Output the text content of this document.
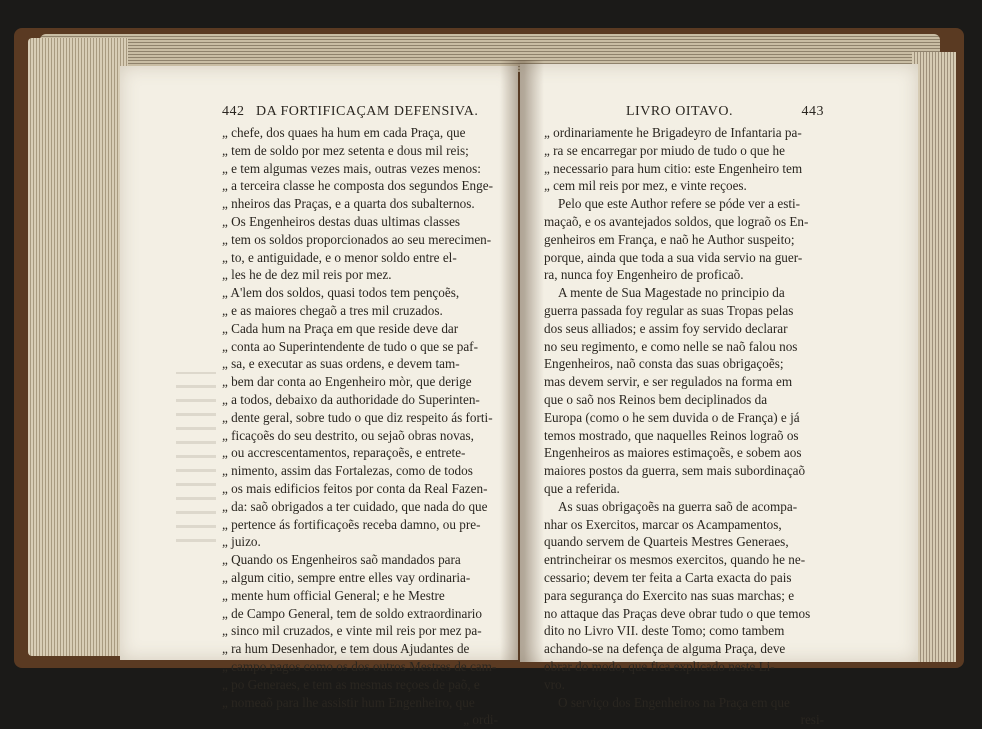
442 DA FORTIFICAÇAM DEFENSIVA.
„ chefe, dos quaes ha hum em cada Praça, que
„ tem de soldo por mez setenta e dous mil reis;
„ e tem algumas vezes mais, outras vezes menos:
„ a terceira classe he composta dos segundos Enge-
„ nheiros das Praças, e a quarta dos subalternos.
„ Os Engenheiros destas duas ultimas classes
„ tem os soldos proporcionados ao seu merecimen-
„ to, e antiguidade, e o menor soldo entre el-
„ les he de dez mil reis por mez.
„ A'lem dos soldos, quasi todos tem pençoẽs,
„ e as maiores chegaõ a tres mil cruzados.
„ Cada hum na Praça em que reside deve dar
„ conta ao Superintendente de tudo o que se paf-
„ sa, e executar as suas ordens, e devem tam-
„ bem dar conta ao Engenheiro mòr, que derige
„ a todos, debaixo da authoridade do Superinten-
„ dente geral, sobre tudo o que diz respeito ás forti-
„ ficaçoẽs do seu destrito, ou sejaõ obras novas,
„ ou accrescentamentos, reparaçoẽs, e entrete-
„ nimento, assim das Fortalezas, como de todos
„ os mais edificios feitos por conta da Real Fazen-
„ da: saõ obrigados a ter cuidado, que nada do que
„ pertence ás fortificaçoẽs receba damno, ou pre-
„ juizo.
„ Quando os Engenheiros saõ mandados para
„ algum citio, sempre entre elles vay ordinaria-
„ mente hum official General; e he Mestre
„ de Campo General, tem de soldo extraordinario
„ sinco mil cruzados, e vinte mil reis por mez pa-
„ ra hum Desenhador, e tem dous Ajudantes de
„ campo pagos como os dos outros Mestres de cam-
„ po Generaes, e tem as mesmas reçoes de paõ, e
„ nomeaõ para lhe assistir hum Engenheiro, que
„ ordi-
LIVRO OITAVO.	443
„ ordinariamente he Brigadeyro de Infantaria pa-
„ ra se encarregar por miudo de tudo o que he
„ necessario para hum citio: este Engenheiro tem
„ cem mil reis por mez, e vinte reçoes.
Pelo que este Author refere se póde ver a esti-
maçaõ, e os avantejados soldos, que lograõ os En-
genheiros em França, e naõ he Author suspeito;
porque, ainda que toda a sua vida servio na guer-
ra, nunca foy Engenheiro de proficaõ.
A mente de Sua Magestade no principio da
guerra passada foy regular as suas Tropas pelas
dos seus alliados; e assim foy servido declarar
no seu regimento, e como nelle se naõ falou nos
Engenheiros, naõ consta das suas obrigaçoẽs;
mas devem servir, e ser regulados na forma em
que o saõ nos Reinos bem deciplinados da
Europa (como o he sem duvida o de França) e já
temos mostrado, que naquelles Reinos lograõ os
Engenheiros as maiores estimaçoẽs, e sobem aos
maiores postos da guerra, sem mais subordinaçaõ
que a referida.
As suas obrigaçoẽs na guerra saõ de acompa-
nhar os Exercitos, marcar os Acampamentos,
quando servem de Quarteis Mestres Generaes,
entrincheirar os mesmos exercitos, quando he ne-
cessario; devem ter feita a Carta exacta do pais
para segurança do Exercito nas suas marchas; e
no attaque das Praças deve obrar tudo o que temos
dito no Livro VII. deste Tomo; como tambem
achando-se na defença de alguma Praça, deve
obrar do modo, que fica explicado neste Li-
vro.
O serviço dos Engenheiros na Praça em que
resi-
